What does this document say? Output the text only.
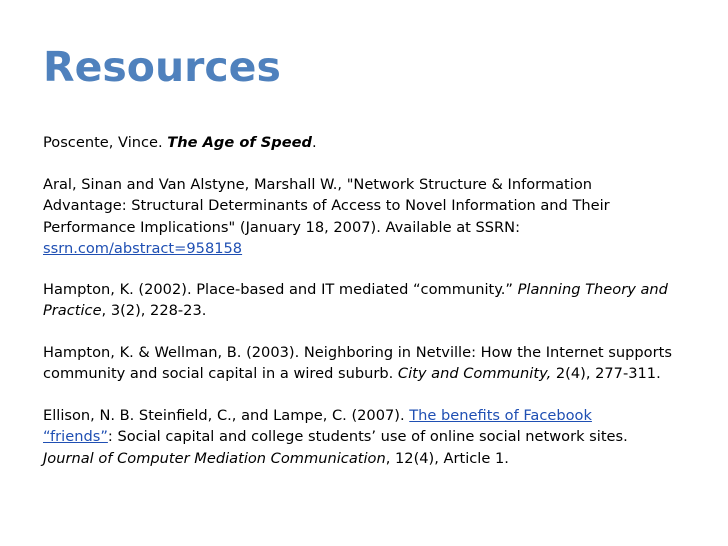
Resources

Poscente, Vince. The Age of Speed.

Aral, Sinan and Van Alstyne, Marshall W., "Network Structure & Information
Advantage: Structural Determinants of Access to Novel Information and Their
Performance Implications" (January 18, 2007). Available at SSRN:
ssrn.com/abstract=958158

Hampton, K. (2002). Place-based and IT mediated “community.” Planning Theory and
Practice, 3(2), 228-23.

Hampton, K. & Wellman, B. (2003). Neighboring in Netville: How the Internet supports
community and social capital in a wired suburb. City and Community, 2(4), 277-311.

Ellison, N. B. Steinfield, C., and Lampe, C. (2007). The benefits of Facebook
“friends”: Social capital and college students’ use of online social network sites.
Journal of Computer Mediation Communication, 12(4), Article 1.
